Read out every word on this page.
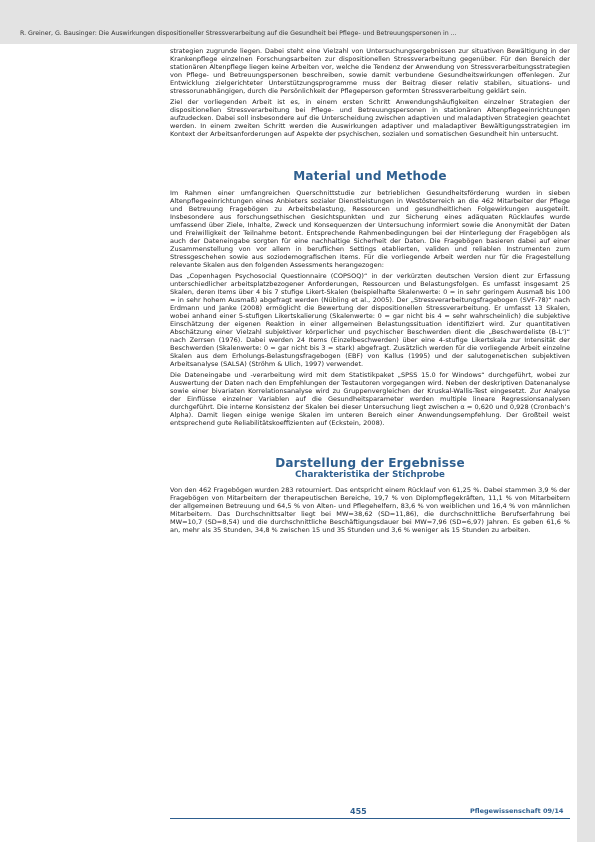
R. Greiner, G. Bausinger: Die Auswirkungen dispositioneller Stressverarbeitung auf die Gesundheit bei Pflege- und Betreuungspersonen in ...

strategien zugrunde liegen. Dabei steht eine Vielzahl von Untersuchungsergebnissen zur situativen Bewältigung in der Krankenpflege einzelnen Forschungsarbeiten zur dispositionellen Stressverarbeitung gegenüber. Für den Bereich der stationären Altenpflege liegen keine Arbeiten vor, welche die Tendenz der Anwendung von Stressverarbeitungsstrategien von Pflege- und Betreuungspersonen beschreiben, sowie damit verbundene Gesundheitswirkungen offenlegen. Zur Entwicklung zielgerichteter Unterstützungsprogramme muss der Beitrag dieser relativ stabilen, situations- und stressorunabhängigen, durch die Persönlichkeit der Pflegeperson geformten Stressverarbeitung geklärt sein.

Ziel der vorliegenden Arbeit ist es, in einem ersten Schritt Anwendungshäufigkeiten einzelner Strategien der dispositionellen Stressverarbeitung bei Pflege- und Betreuungspersonen in stationären Altenpflegeeinrichtungen aufzudecken. Dabei soll insbesondere auf die Unterscheidung zwischen adaptiven und maladaptiven Strategien geachtet werden. In einem zweiten Schritt werden die Auswirkungen adaptiver und maladaptiver Bewältigungsstrategien im Kontext der Arbeitsanforderungen auf Aspekte der psychischen, sozialen und somatischen Gesundheit hin untersucht.

Material und Methode

Im Rahmen einer umfangreichen Querschnittstudie zur betrieblichen Gesundheitsförderung wurden in sieben Altenpflegeeinrichtungen eines Anbieters sozialer Dienstleistungen in Westösterreich an die 462 Mitarbeiter der Pflege und Betreuung Fragebögen zu Arbeitsbelastung, Ressourcen und gesundheitlichen Folgewirkungen ausgeteilt. Insbesondere aus forschungsethischen Gesichtspunkten und zur Sicherung eines adäquaten Rücklaufes wurde umfassend über Ziele, Inhalte, Zweck und Konsequenzen der Untersuchung informiert sowie die Anonymität der Daten und Freiwilligkeit der Teilnahme betont. Entsprechende Rahmenbedingungen bei der Hinterlegung der Fragebögen als auch der Dateneingabe sorgten für eine nachhaltige Sicherheit der Daten. Die Fragebögen basieren dabei auf einer Zusammenstellung von vor allem in beruflichen Settings etablierten, validen und reliablen Instrumenten zum Stressgeschehen sowie aus soziodemografischen Items. Für die vorliegende Arbeit werden nur für die Fragestellung relevante Skalen aus den folgenden Assessments herangezogen:

Das „Copenhagen Psychosocial Questionnaire (COPSOQ)“ in der verkürzten deutschen Version dient zur Erfassung unterschiedlicher arbeitsplatzbezogener Anforderungen, Ressourcen und Belastungsfolgen. Es umfasst insgesamt 25 Skalen, deren Items über 4 bis 7 stufige Likert-Skalen (beispielhafte Skalenwerte: 0 = in sehr geringem Ausmaß bis 100 = in sehr hohem Ausmaß) abgefragt werden (Nübling et al., 2005). Der „Stressverarbeitungsfragebogen (SVF-78)“ nach Erdmann und Janke (2008) ermöglicht die Bewertung der dispositionellen Stressverarbeitung. Er umfasst 13 Skalen, wobei anhand einer 5-stufigen Likertskalierung (Skalenwerte: 0 = gar nicht bis 4 = sehr wahrscheinlich) die subjektive Einschätzung der eigenen Reaktion in einer allgemeinen Belastungssituation identifiziert wird. Zur quantitativen Abschätzung einer Vielzahl subjektiver körperlicher und psychischer Beschwerden dient die „Beschwerdeliste (B-L‘)“ nach Zerrsen (1976). Dabei werden 24 Items (Einzelbeschwerden) über eine 4-stufige Likertskala zur Intensität der Beschwerden (Skalenwerte: 0 = gar nicht bis 3 = stark) abgefragt. Zusätzlich werden für die vorliegende Arbeit einzelne Skalen aus dem Erholungs-Belastungsfragebogen (EBF) von Kallus (1995) und der salutogenetischen subjektiven Arbeitsanalyse (SALSA) (Ströhm & Ulich, 1997) verwendet.

Die Dateneingabe und -verarbeitung wird mit dem Statistikpaket „SPSS 15.0 for Windows“ durchgeführt, wobei zur Auswertung der Daten nach den Empfehlungen der Testautoren vorgegangen wird. Neben der deskriptiven Datenanalyse sowie einer bivariaten Korrelationsanalyse wird zu Gruppenvergleichen der Kruskal-Wallis-Test eingesetzt. Zur Analyse der Einflüsse einzelner Variablen auf die Gesundheitsparameter werden multiple lineare Regressionsanalysen durchgeführt. Die interne Konsistenz der Skalen bei dieser Untersuchung liegt zwischen α = 0,620 und 0,928 (Cronbach’s Alpha). Damit liegen einige wenige Skalen im unteren Bereich einer Anwendungsempfehlung. Der Großteil weist entsprechend gute Reliabilitätskoeffizienten auf (Eckstein, 2008).

Darstellung der Ergebnisse
Charakteristika der Stichprobe

Von den 462 Fragebögen wurden 283 retourniert. Das entspricht einem Rücklauf von 61,25 %. Dabei stammen 3,9 % der Fragebögen von Mitarbeitern der therapeutischen Bereiche, 19,7 % von Diplompflegekräften, 11,1 % von Mitarbeitern der allgemeinen Betreuung und 64,5 % von Alten- und Pflegehelfern, 83,6 % von weiblichen und 16,4 % von männlichen Mitarbeitern. Das Durchschnittsalter liegt bei MW=38,62 (SD=11,86), die durchschnittliche Berufserfahrung bei MW=10,7 (SD=8,54) und die durchschnittliche Beschäftigungsdauer bei MW=7,96 (SD=6,97) Jahren. Es geben 61,6 % an, mehr als 35 Stunden, 34,8 % zwischen 15 und 35 Stunden und 3,6 % weniger als 15 Stunden zu arbeiten.

455	Pflegewissenschaft 09/14
